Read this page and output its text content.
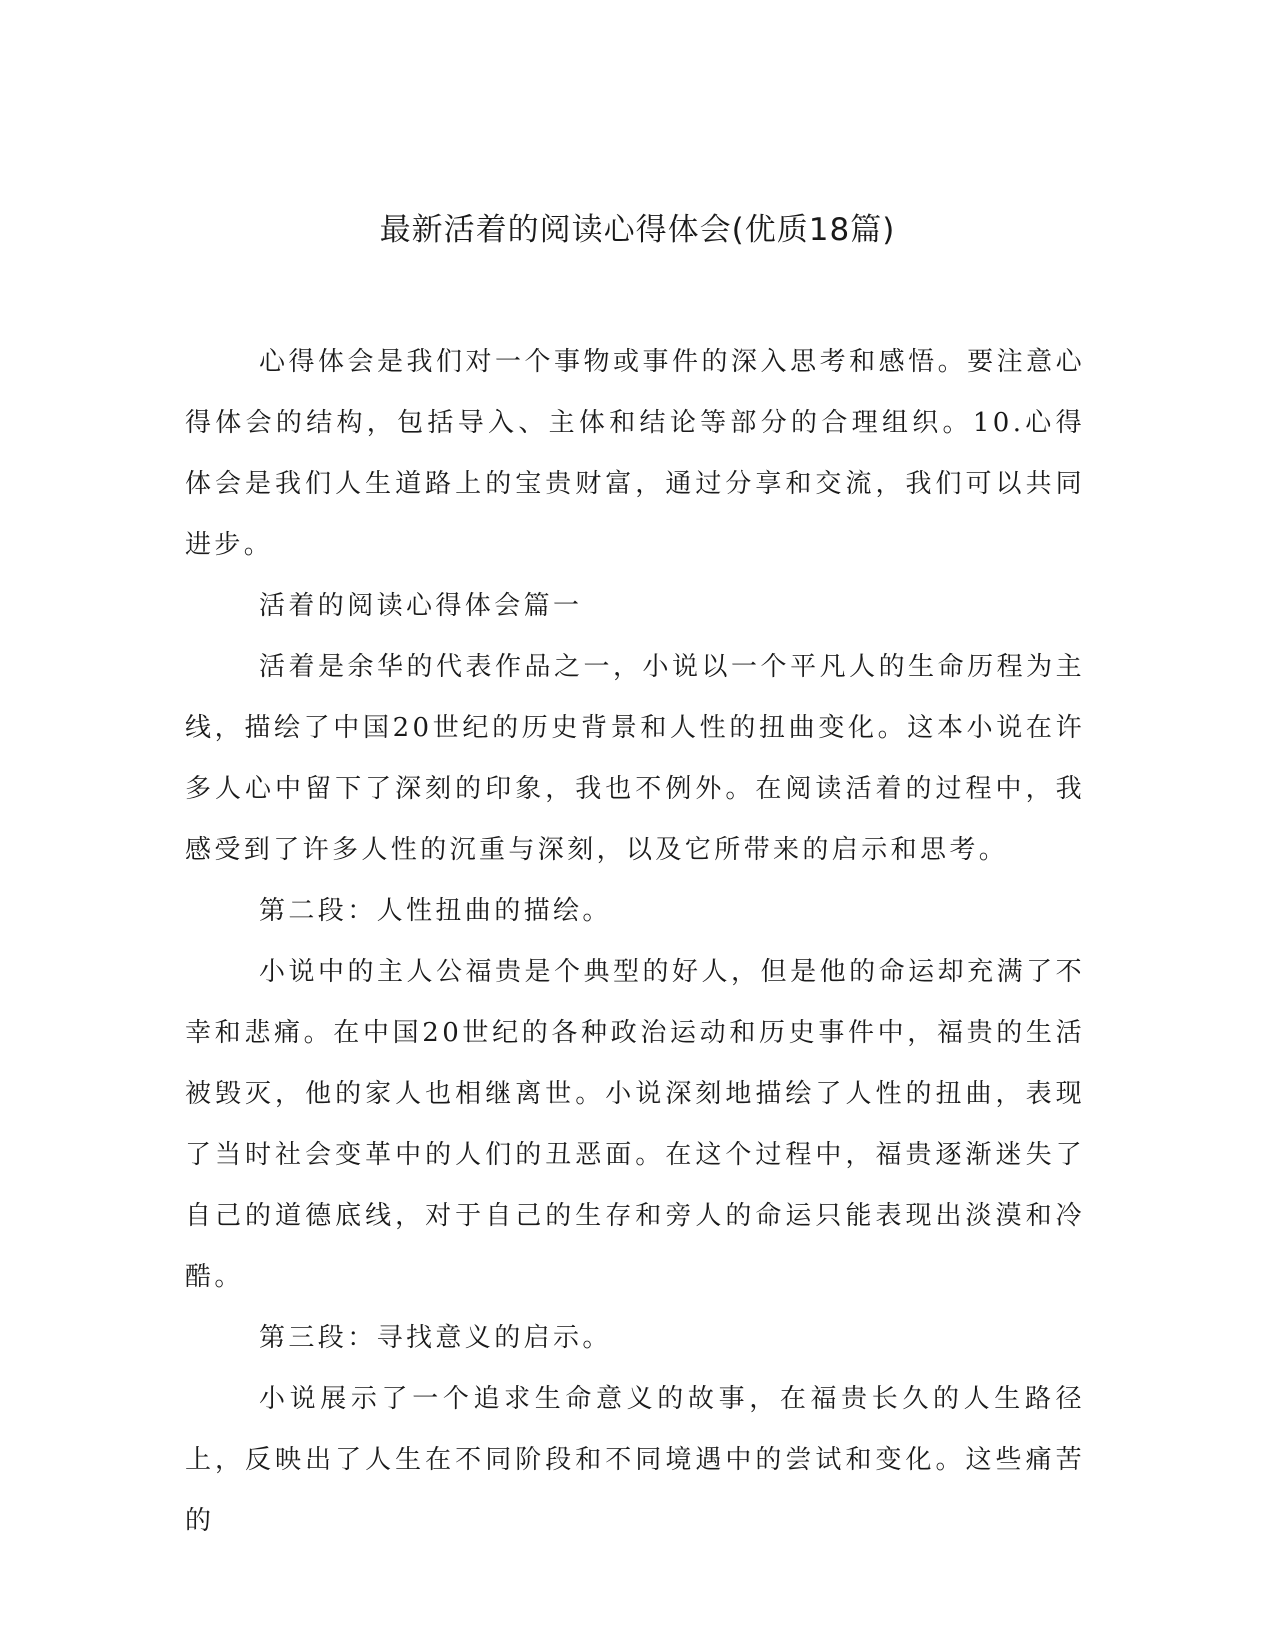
最新活着的阅读心得体会(优质18篇)

心得体会是我们对一个事物或事件的深入思考和感悟。要注意心得体会的结构，包括导入、主体和结论等部分的合理组织。10.心得体会是我们人生道路上的宝贵财富，通过分享和交流，我们可以共同进步。

活着的阅读心得体会篇一

活着是余华的代表作品之一，小说以一个平凡人的生命历程为主线，描绘了中国20世纪的历史背景和人性的扭曲变化。这本小说在许多人心中留下了深刻的印象，我也不例外。在阅读活着的过程中，我感受到了许多人性的沉重与深刻，以及它所带来的启示和思考。

第二段：人性扭曲的描绘。

小说中的主人公福贵是个典型的好人，但是他的命运却充满了不幸和悲痛。在中国20世纪的各种政治运动和历史事件中，福贵的生活被毁灭，他的家人也相继离世。小说深刻地描绘了人性的扭曲，表现了当时社会变革中的人们的丑恶面。在这个过程中，福贵逐渐迷失了自己的道德底线，对于自己的生存和旁人的命运只能表现出淡漠和冷酷。

第三段：寻找意义的启示。

小说展示了一个追求生命意义的故事，在福贵长久的人生路径上，反映出了人生在不同阶段和不同境遇中的尝试和变化。这些痛苦的
